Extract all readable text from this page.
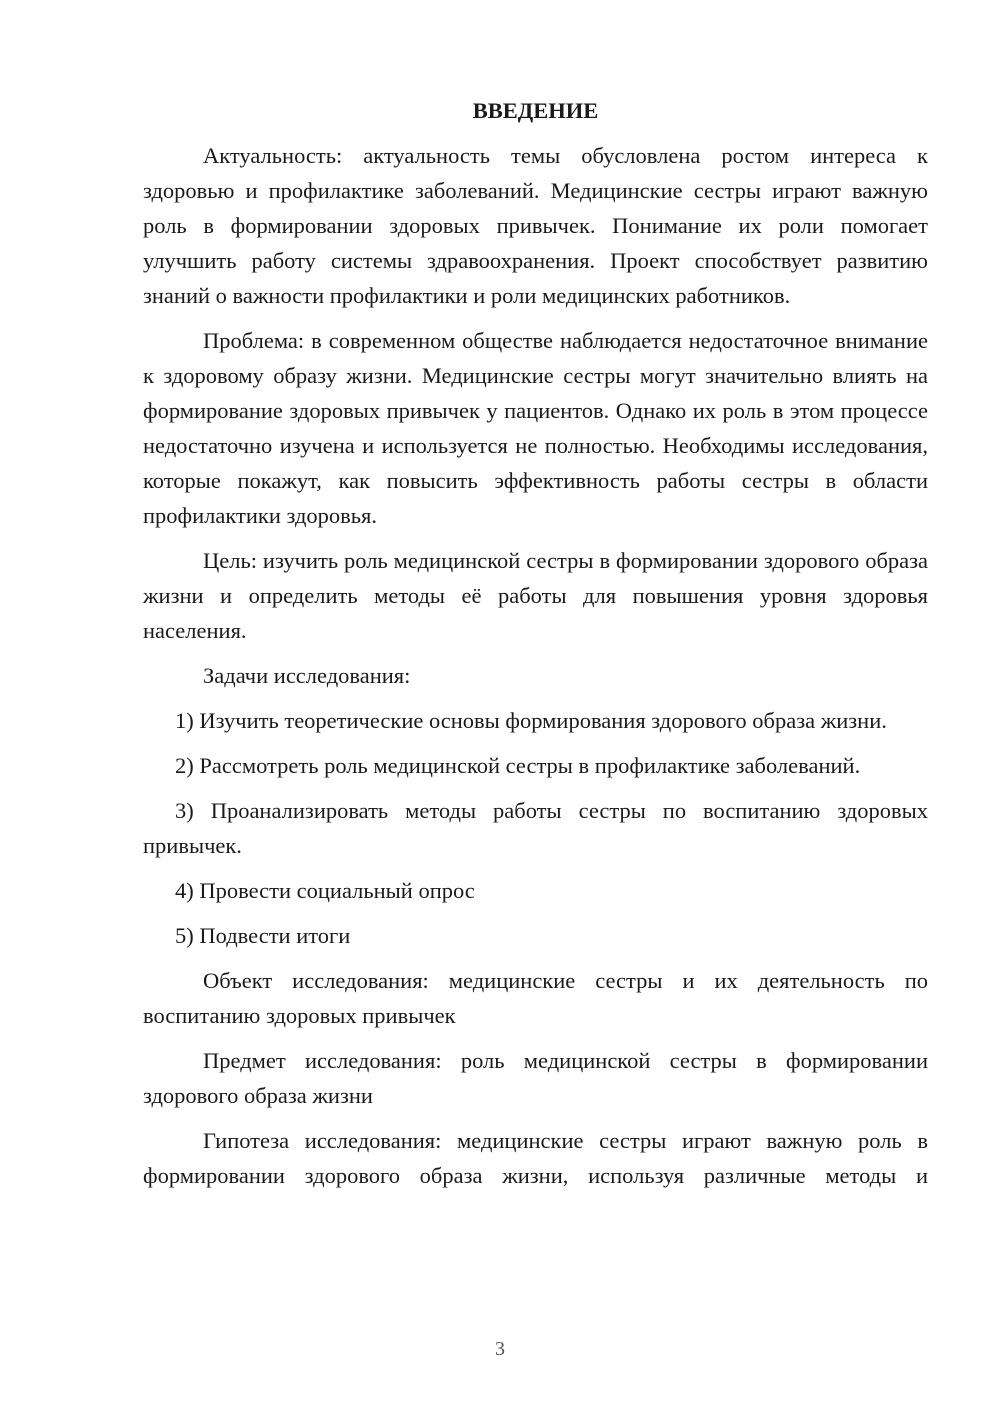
ВВЕДЕНИЕ

Актуальность: актуальность темы обусловлена ростом интереса к здоровью и профилактике заболеваний. Медицинские сестры играют важную роль в формировании здоровых привычек. Понимание их роли помогает улучшить работу системы здравоохранения. Проект способствует развитию знаний о важности профилактики и роли медицинских работников.

Проблема: в современном обществе наблюдается недостаточное внимание к здоровому образу жизни. Медицинские сестры могут значительно влиять на формирование здоровых привычек у пациентов. Однако их роль в этом процессе недостаточно изучена и используется не полностью. Необходимы исследования, которые покажут, как повысить эффективность работы сестры в области профилактики здоровья.

Цель: изучить роль медицинской сестры в формировании здорового образа жизни и определить методы её работы для повышения уровня здоровья населения.

Задачи исследования:

1) Изучить теоретические основы формирования здорового образа жизни.

2) Рассмотреть роль медицинской сестры в профилактике заболеваний.

3) Проанализировать методы работы сестры по воспитанию здоровых привычек.

4) Провести социальный опрос

5) Подвести итоги

Объект исследования: медицинские сестры и их деятельность по воспитанию здоровых привычек

Предмет исследования: роль медицинской сестры в формировании здорового образа жизни

Гипотеза исследования: медицинские сестры играют важную роль в формировании здорового образа жизни, используя различные методы и

3
